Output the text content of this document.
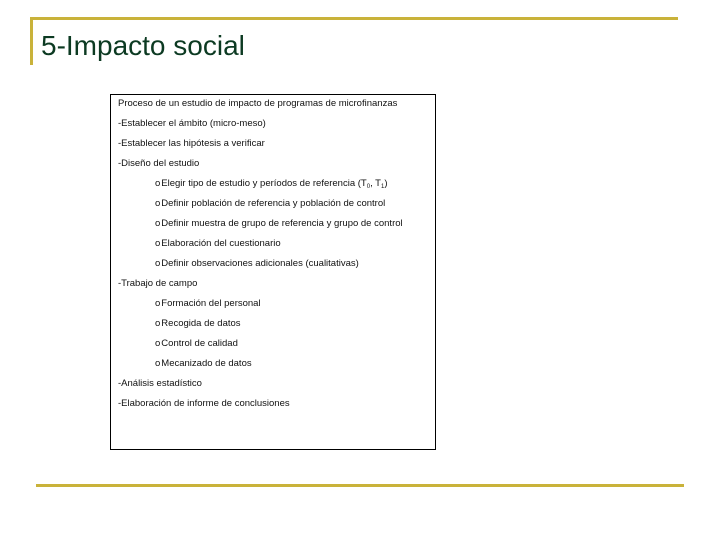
5-Impacto social
Proceso de un estudio de impacto de programas de microfinanzas
-Establecer el ámbito (micro-meso)
-Establecer las hipótesis a verificar
-Diseño del estudio
oElegir tipo de estudio y períodos de referencia ($T_0$, $T_1$)
oDefinir población de referencia y población de control
oDefinir muestra de grupo de referencia y grupo de control
oElaboración del cuestionario
oDefinir observaciones adicionales (cualitativas)
-Trabajo de campo
oFormación del personal
oRecogida de datos
oControl de calidad
oMecanizado de datos
-Análisis estadístico
-Elaboración de informe de conclusiones
